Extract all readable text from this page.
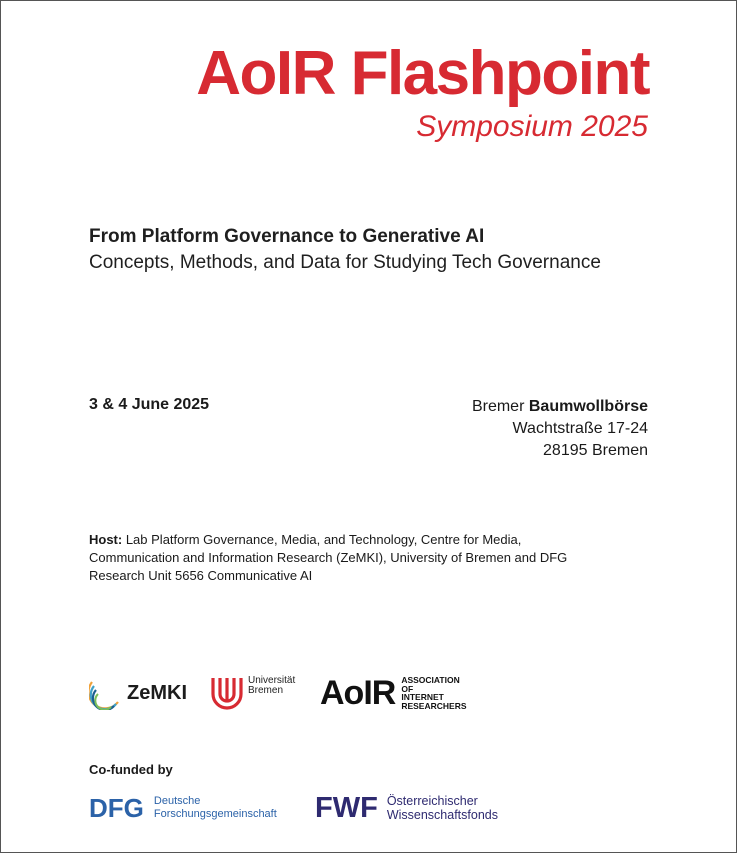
AoIR Flashpoint
Symposium 2025
From Platform Governance to Generative AI
Concepts, Methods, and Data for Studying Tech Governance
3 & 4 June 2025	Bremer Baumwollbörse
Wachtstraße 17-24
28195 Bremen
Host: Lab Platform Governance, Media, and Technology, Centre for Media, Communication and Information Research (ZeMKI), University of Bremen and DFG Research Unit 5656 Communicative AI
ZeMKI
Universität
Bremen	AoIR ASSOCIATION
OF
INTERNET
RESEARCHERS
Co-funded by
DFG Deutsche
Forschungsgemeinschaft FWF Österreichischer
Wissenschaftsfonds
